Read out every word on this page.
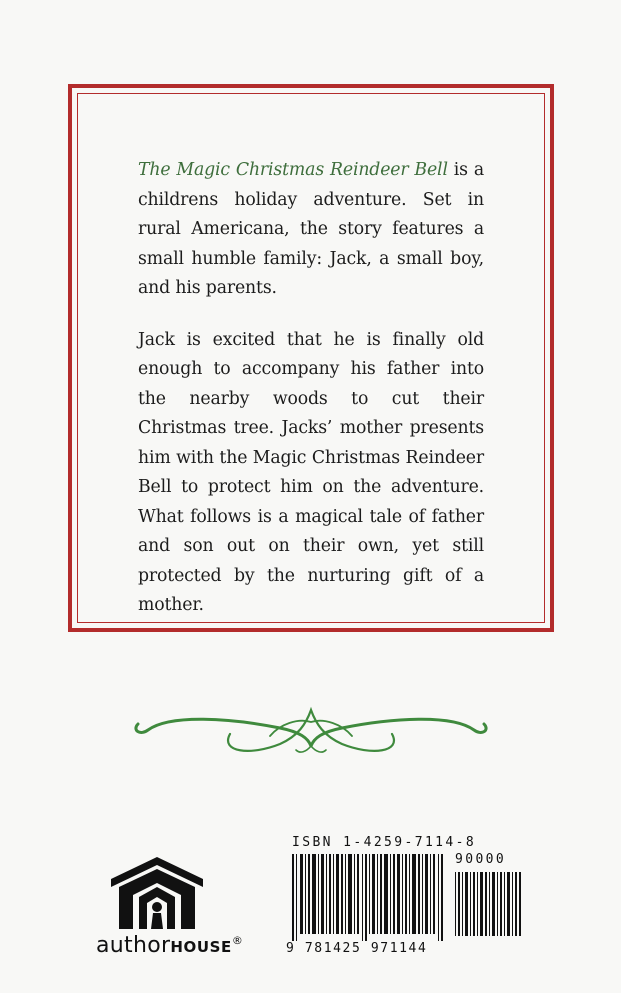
The Magic Christmas Reindeer Bell is a childrens holiday adventure. Set in rural Americana, the story features a small humble family: Jack, a small boy, and his parents.

Jack is excited that he is finally old enough to accompany his father into the nearby woods to cut their Christmas tree. Jacks’ mother presents him with the Magic Christmas Reindeer Bell to protect him on the adventure. What follows is a magical tale of father and son out on their own, yet still protected by the nurturing gift of a mother.

ISBN 1-4259-7114-8
90000
9 781425 971144
authorHOUSE®
